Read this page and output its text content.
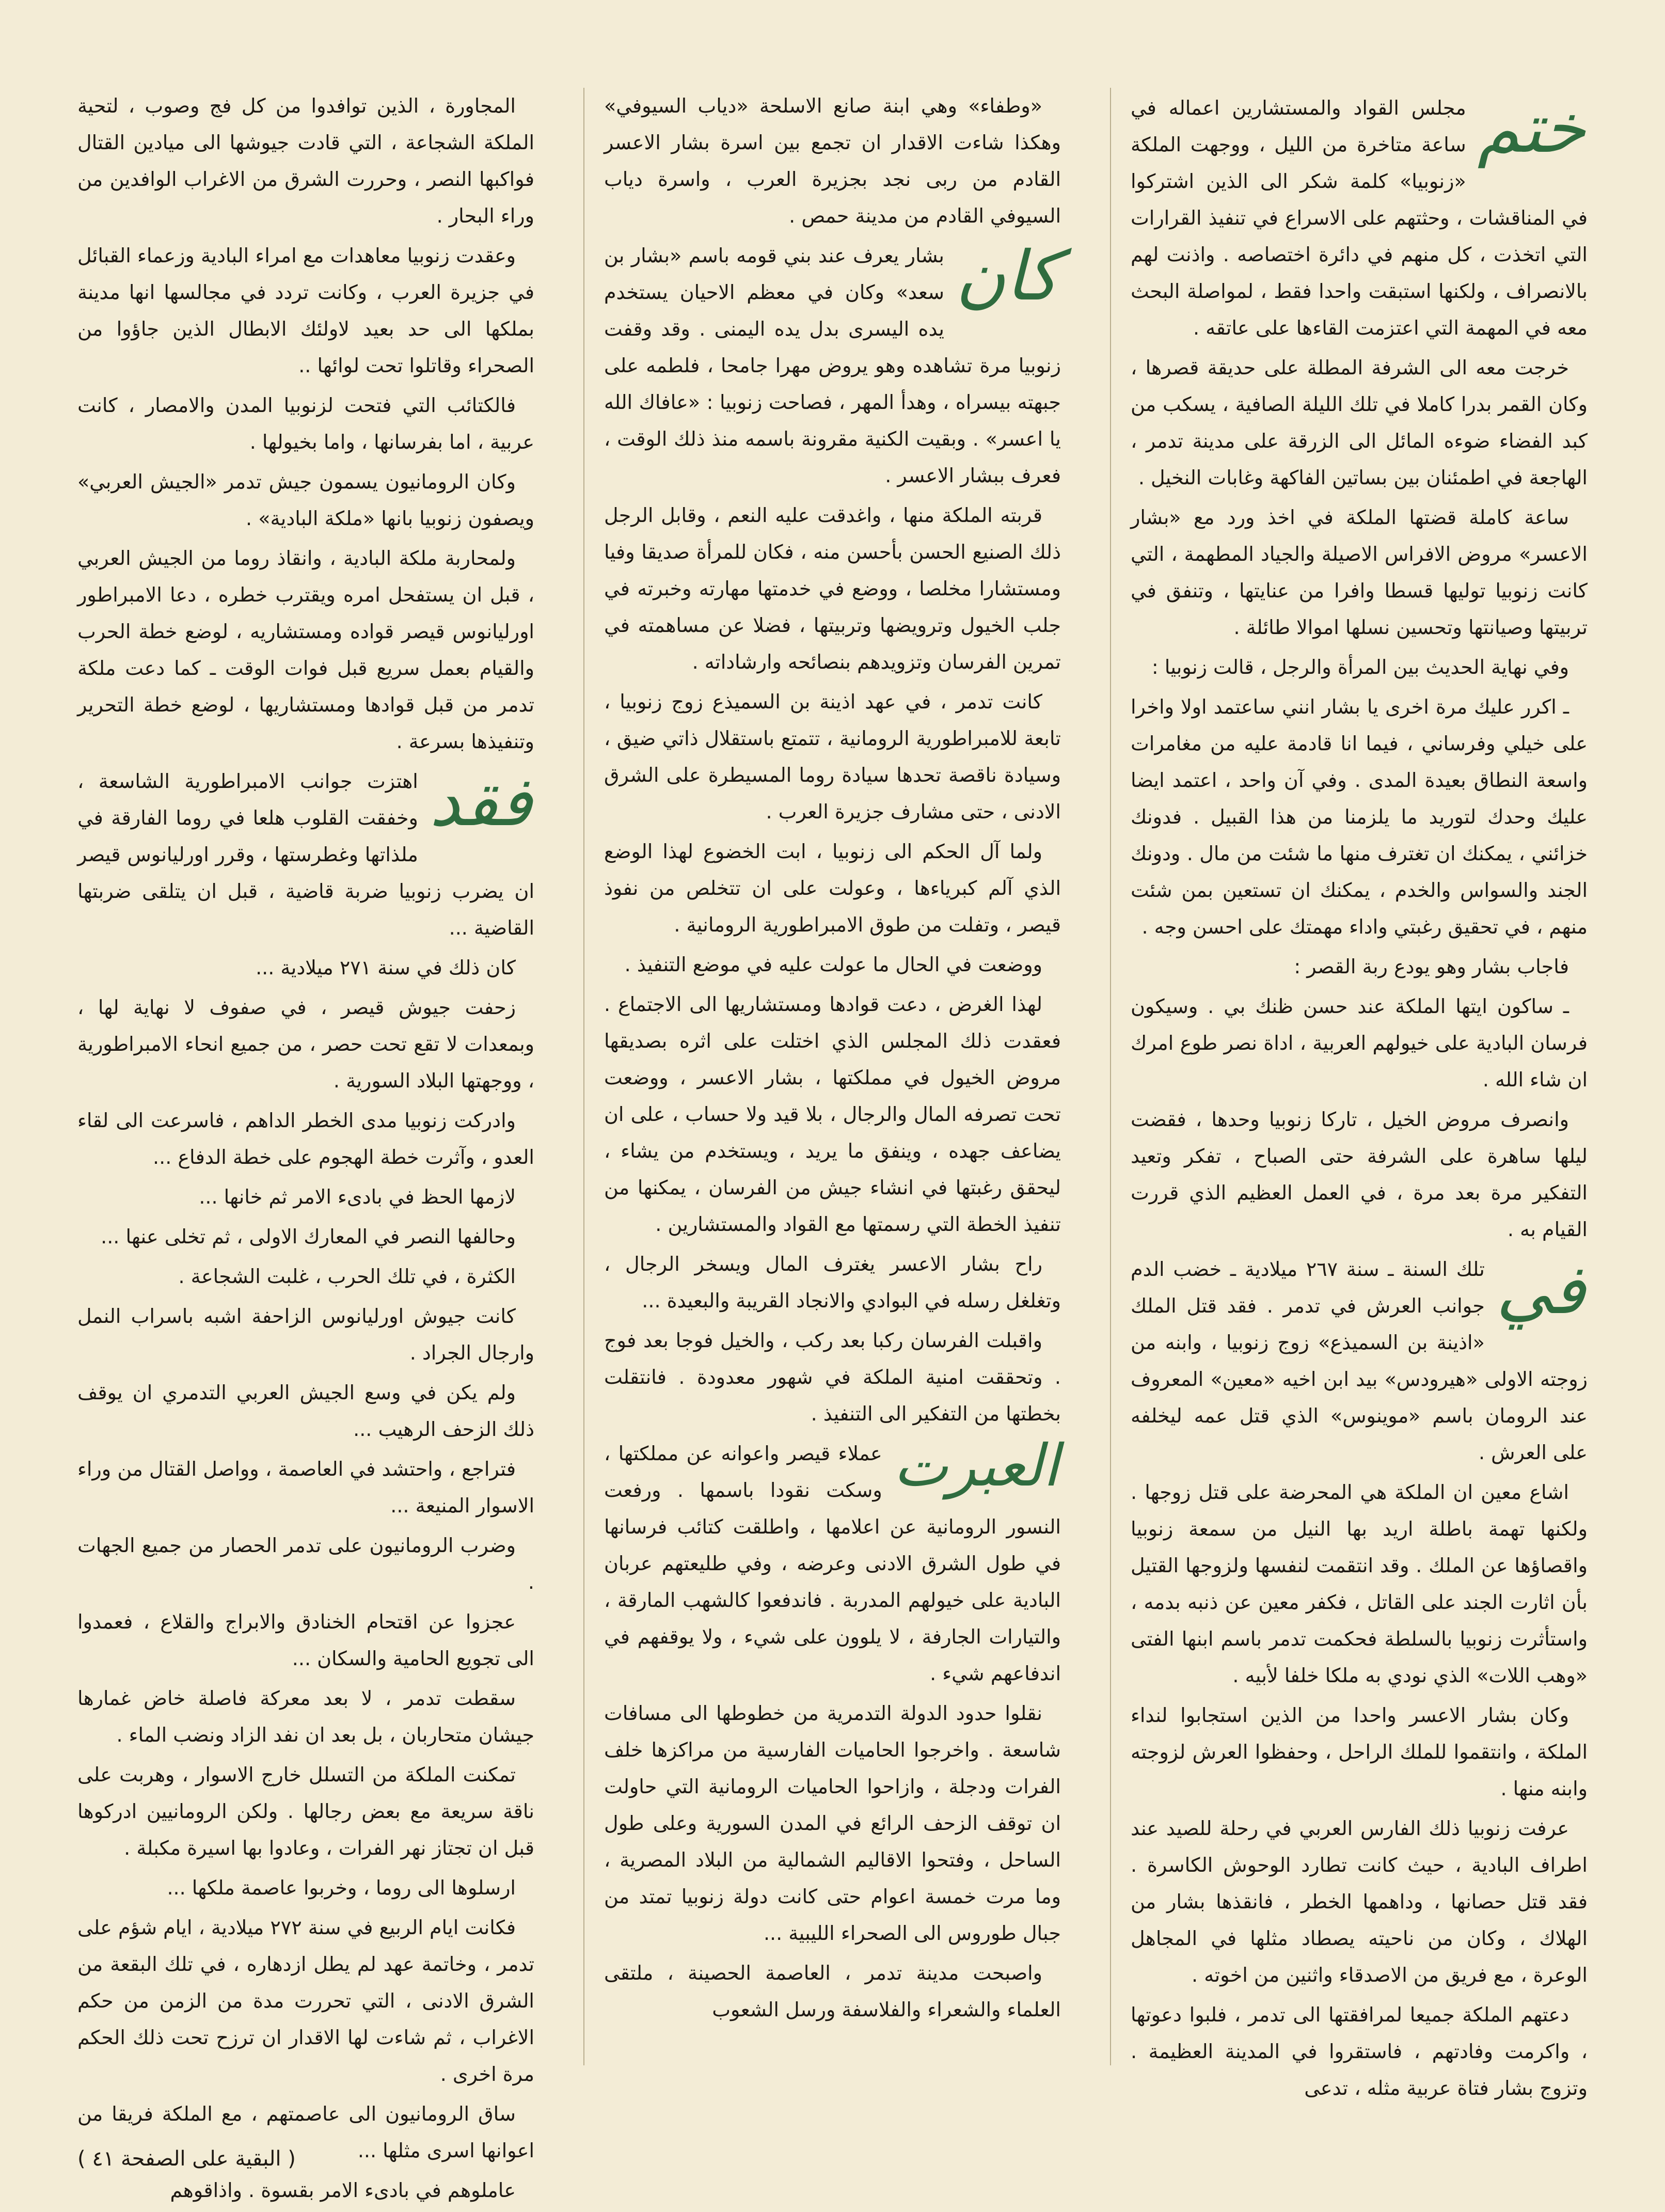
ختم
مجلس القواد والمستشارين اعماله في ساعة متاخرة من الليل ، ووجهت الملكة «زنوبيا» كلمة شكر الى الذين اشتركوا في المناقشات ، وحثتهم على الاسراع في تنفيذ القرارات التي اتخذت ، كل منهم في دائرة اختصاصه . واذنت لهم بالانصراف ، ولكنها استبقت واحدا فقط ، لمواصلة البحث معه في المهمة التي اعتزمت القاءها على عاتقه .

خرجت معه الى الشرفة المطلة على حديقة قصرها ، وكان القمر بدرا كاملا في تلك الليلة الصافية ، يسكب من كبد الفضاء ضوءه المائل الى الزرقة على مدينة تدمر ، الهاجعة في اطمئنان بين بساتين الفاكهة وغابات النخيل .

ساعة كاملة قضتها الملكة في اخذ ورد مع «بشار الاعسر» مروض الافراس الاصيلة والجياد المطهمة ، التي كانت زنوبيا توليها قسطا وافرا من عنايتها ، وتنفق في تربيتها وصيانتها وتحسين نسلها اموالا طائلة .

وفي نهاية الحديث بين المرأة والرجل ، قالت زنوبيا :

ـ اكرر عليك مرة اخرى يا بشار انني ساعتمد اولا واخرا على خيلي وفرساني ، فيما انا قادمة عليه من مغامرات واسعة النطاق بعيدة المدى . وفي آن واحد ، اعتمد ايضا عليك وحدك لتوريد ما يلزمنا من هذا القبيل . فدونك خزائني ، يمكنك ان تغترف منها ما شئت من مال . ودونك الجند والسواس والخدم ، يمكنك ان تستعين بمن شئت منهم ، في تحقيق رغبتي واداء مهمتك على احسن وجه .

فاجاب بشار وهو يودع ربة القصر :

ـ ساكون ايتها الملكة عند حسن ظنك بي . وسيكون فرسان البادية على خيولهم العربية ، اداة نصر طوع امرك ان شاء الله .

وانصرف مروض الخيل ، تاركا زنوبيا وحدها ، فقضت ليلها ساهرة على الشرفة حتى الصباح ، تفكر وتعيد التفكير مرة بعد مرة ، في العمل العظيم الذي قررت القيام به .

في
تلك السنة ـ سنة ٢٦٧ ميلادية ـ خضب الدم جوانب العرش في تدمر . فقد قتل الملك «اذينة بن السميذع» زوج زنوبيا ، وابنه من زوجته الاولى «هيرودس» بيد ابن اخيه «معين» المعروف عند الرومان باسم «موينوس» الذي قتل عمه ليخلفه على العرش .

اشاع معين ان الملكة هي المحرضة على قتل زوجها . ولكنها تهمة باطلة اريد بها النيل من سمعة زنوبيا واقصاؤها عن الملك . وقد انتقمت لنفسها ولزوجها القتيل بأن اثارت الجند على القاتل ، فكفر معين عن ذنبه بدمه ، واستأثرت زنوبيا بالسلطة فحكمت تدمر باسم ابنها الفتى «وهب اللات» الذي نودي به ملكا خلفا لأبيه .

وكان بشار الاعسر واحدا من الذين استجابوا لنداء الملكة ، وانتقموا للملك الراحل ، وحفظوا العرش لزوجته وابنه منها .

عرفت زنوبيا ذلك الفارس العربي في رحلة للصيد عند اطراف البادية ، حيث كانت تطارد الوحوش الكاسرة . فقد قتل حصانها ، وداهمها الخطر ، فانقذها بشار من الهلاك ، وكان من ناحيته يصطاد مثلها في المجاهل الوعرة ، مع فريق من الاصدقاء واثنين من اخوته .

دعتهم الملكة جميعا لمرافقتها الى تدمر ، فلبوا دعوتها ، واكرمت وفادتهم ، فاستقروا في المدينة العظيمة . وتزوج بشار فتاة عربية مثله ، تدعى

«وطفاء» وهي ابنة صانع الاسلحة «دياب السيوفي» وهكذا شاءت الاقدار ان تجمع بين اسرة بشار الاعسر القادم من ربى نجد بجزيرة العرب ، واسرة دياب السيوفي القادم من مدينة حمص .

كان
بشار يعرف عند بني قومه باسم «بشار بن سعد» وكان في معظم الاحيان يستخدم يده اليسرى بدل يده اليمنى . وقد وقفت زنوبيا مرة تشاهده وهو يروض مهرا جامحا ، فلطمه على جبهته بيسراه ، وهدأ المهر ، فصاحت زنوبيا : «عافاك الله يا اعسر» . وبقيت الكنية مقرونة باسمه منذ ذلك الوقت ، فعرف ببشار الاعسر .

قربته الملكة منها ، واغدقت عليه النعم ، وقابل الرجل ذلك الصنيع الحسن بأحسن منه ، فكان للمرأة صديقا وفيا ومستشارا مخلصا ، ووضع في خدمتها مهارته وخبرته في جلب الخيول وترويضها وتربيتها ، فضلا عن مساهمته في تمرين الفرسان وتزويدهم بنصائحه وارشاداته .

كانت تدمر ، في عهد اذينة بن السميذع زوج زنوبيا ، تابعة للامبراطورية الرومانية ، تتمتع باستقلال ذاتي ضيق ، وسيادة ناقصة تحدها سيادة روما المسيطرة على الشرق الادنى ، حتى مشارف جزيرة العرب .

ولما آل الحكم الى زنوبيا ، ابت الخضوع لهذا الوضع الذي آلم كبرياءها ، وعولت على ان تتخلص من نفوذ قيصر ، وتفلت من طوق الامبراطورية الرومانية .

ووضعت في الحال ما عولت عليه في موضع التنفيذ .

لهذا الغرض ، دعت قوادها ومستشاريها الى الاجتماع . فعقدت ذلك المجلس الذي اختلت على اثره بصديقها مروض الخيول في مملكتها ، بشار الاعسر ، ووضعت تحت تصرفه المال والرجال ، بلا قيد ولا حساب ، على ان يضاعف جهده ، وينفق ما يريد ، ويستخدم من يشاء ، ليحقق رغبتها في انشاء جيش من الفرسان ، يمكنها من تنفيذ الخطة التي رسمتها مع القواد والمستشارين .

راح بشار الاعسر يغترف المال ويسخر الرجال ، وتغلغل رسله في البوادي والانجاد القريبة والبعيدة ...

واقبلت الفرسان ركبا بعد ركب ، والخيل فوجا بعد فوج . وتحققت امنية الملكة في شهور معدودة . فانتقلت بخطتها من التفكير الى التنفيذ .

العبرت
عملاء قيصر واعوانه عن مملكتها ، وسكت نقودا باسمها . ورفعت النسور الرومانية عن اعلامها ، واطلقت كتائب فرسانها في طول الشرق الادنى وعرضه ، وفي طليعتهم عربان البادية على خيولهم المدربة . فاندفعوا كالشهب المارقة ، والتيارات الجارفة ، لا يلوون على شيء ، ولا يوقفهم في اندفاعهم شيء .

نقلوا حدود الدولة التدمرية من خطوطها الى مسافات شاسعة . واخرجوا الحاميات الفارسية من مراكزها خلف الفرات ودجلة ، وازاحوا الحاميات الرومانية التي حاولت ان توقف الزحف الرائع في المدن السورية وعلى طول الساحل ، وفتحوا الاقاليم الشمالية من البلاد المصرية ، وما مرت خمسة اعوام حتى كانت دولة زنوبيا تمتد من جبال طوروس الى الصحراء الليبية ...

واصبحت مدينة تدمر ، العاصمة الحصينة ، ملتقى العلماء والشعراء والفلاسفة ورسل الشعوب

المجاورة ، الذين توافدوا من كل فج وصوب ، لتحية الملكة الشجاعة ، التي قادت جيوشها الى ميادين القتال فواكبها النصر ، وحررت الشرق من الاغراب الوافدين من وراء البحار .

وعقدت زنوبيا معاهدات مع امراء البادية وزعماء القبائل في جزيرة العرب ، وكانت تردد في مجالسها انها مدينة بملكها الى حد بعيد لاولئك الابطال الذين جاؤوا من الصحراء وقاتلوا تحت لوائها ..

فالكتائب التي فتحت لزنوبيا المدن والامصار ، كانت عربية ، اما بفرسانها ، واما بخيولها .

وكان الرومانيون يسمون جيش تدمر «الجيش العربي» ويصفون زنوبيا بانها «ملكة البادية» .

ولمحاربة ملكة البادية ، وانقاذ روما من الجيش العربي ، قبل ان يستفحل امره ويقترب خطره ، دعا الامبراطور اورليانوس قيصر قواده ومستشاريه ، لوضع خطة الحرب والقيام بعمل سريع قبل فوات الوقت ـ كما دعت ملكة تدمر من قبل قوادها ومستشاريها ، لوضع خطة التحرير وتنفيذها بسرعة .

فقد
اهتزت جوانب الامبراطورية الشاسعة ، وخفقت القلوب هلعا في روما الفارقة في ملذاتها وغطرستها ، وقرر اورليانوس قيصر ان يضرب زنوبيا ضربة قاضية ، قبل ان يتلقى ضربتها القاضية ...

كان ذلك في سنة ٢٧١ ميلادية ...

زحفت جيوش قيصر ، في صفوف لا نهاية لها ، وبمعدات لا تقع تحت حصر ، من جميع انحاء الامبراطورية ، ووجهتها البلاد السورية .

وادركت زنوبيا مدى الخطر الداهم ، فاسرعت الى لقاء العدو ، وآثرت خطة الهجوم على خطة الدفاع ...

لازمها الحظ في بادىء الامر ثم خانها ...

وحالفها النصر في المعارك الاولى ، ثم تخلى عنها ...

الكثرة ، في تلك الحرب ، غلبت الشجاعة .

كانت جيوش اورليانوس الزاحفة اشبه باسراب النمل وارجال الجراد .

ولم يكن في وسع الجيش العربي التدمري ان يوقف ذلك الزحف الرهيب ...

فتراجع ، واحتشد في العاصمة ، وواصل القتال من وراء الاسوار المنيعة ...

وضرب الرومانيون على تدمر الحصار من جميع الجهات .

عجزوا عن اقتحام الخنادق والابراج والقلاع ، فعمدوا الى تجويع الحامية والسكان ...

سقطت تدمر ، لا بعد معركة فاصلة خاض غمارها جيشان متحاربان ، بل بعد ان نفد الزاد ونضب الماء .

تمكنت الملكة من التسلل خارج الاسوار ، وهربت على ناقة سريعة مع بعض رجالها . ولكن الرومانيين ادركوها قبل ان تجتاز نهر الفرات ، وعادوا بها اسيرة مكبلة .

ارسلوها الى روما ، وخربوا عاصمة ملكها ...

فكانت ايام الربيع في سنة ٢٧٢ ميلادية ، ايام شؤم على تدمر ، وخاتمة عهد لم يطل ازدهاره ، في تلك البقعة من الشرق الادنى ، التي تحررت مدة من الزمن من حكم الاغراب ، ثم شاءت لها الاقدار ان ترزح تحت ذلك الحكم مرة اخرى .

ساق الرومانيون الى عاصمتهم ، مع الملكة فريقا من اعوانها اسرى مثلها ...

عاملوهم في بادىء الامر بقسوة . واذاقوهم

( البقية على الصفحة ٤١ )
